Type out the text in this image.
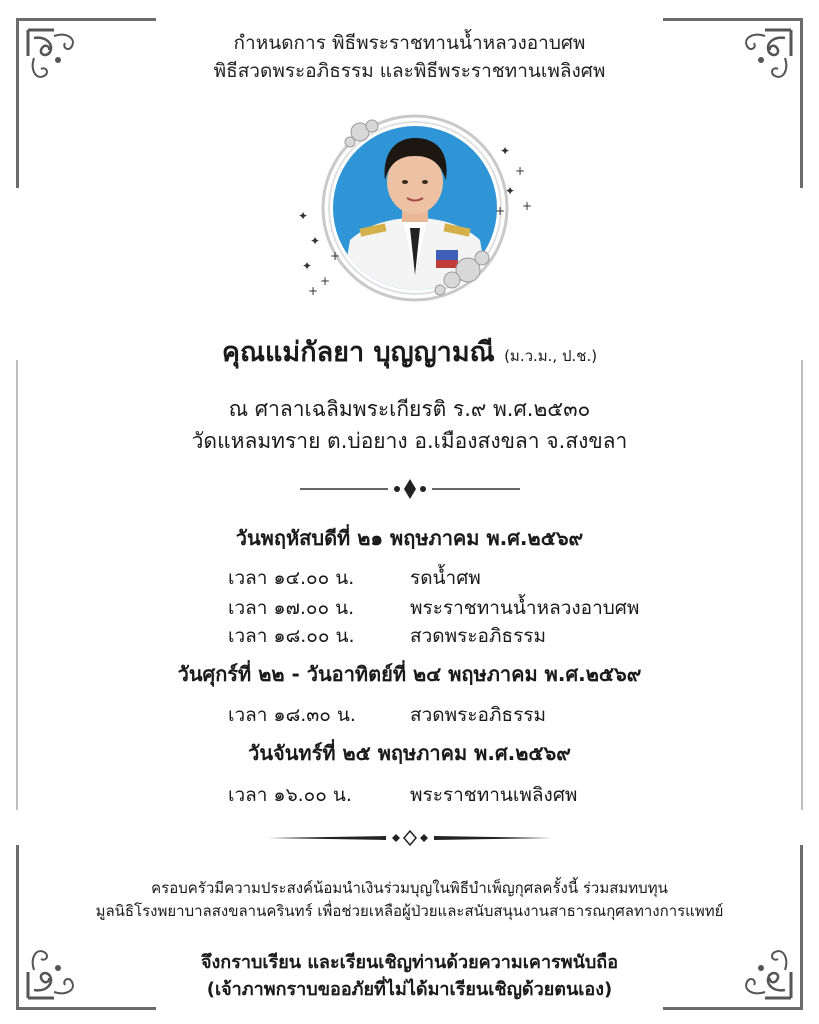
กำหนดการ พิธีพระราชทานน้ำหลวงอาบศพ
พิธีสวดพระอภิธรรม และพิธีพระราชทานเพลิงศพ
✦
✦
✦
+
+
+
✦
+
✦
+
+
คุณแม่กัลยา บุญญามณี (ม.ว.ม., ป.ช.)
ณ ศาลาเฉลิมพระเกียรติ ร.๙ พ.ศ.๒๕๓๐
วัดแหลมทราย ต.บ่อยาง อ.เมืองสงขลา จ.สงขลา
วันพฤหัสบดีที่ ๒๑ พฤษภาคม พ.ศ.๒๕๖๙
เวลา ๑๔.๐๐ น.	รดน้ำศพ
เวลา ๑๗.๐๐ น.	พระราชทานน้ำหลวงอาบศพ
เวลา ๑๘.๐๐ น.	สวดพระอภิธรรม
วันศุกร์ที่ ๒๒ - วันอาทิตย์ที่ ๒๔ พฤษภาคม พ.ศ.๒๕๖๙
เวลา ๑๘.๓๐ น.	สวดพระอภิธรรม
วันจันทร์ที่ ๒๕ พฤษภาคม พ.ศ.๒๕๖๙
เวลา ๑๖.๐๐ น.	พระราชทานเพลิงศพ
ครอบครัวมีความประสงค์น้อมนำเงินร่วมบุญในพิธีบำเพ็ญกุศลครั้งนี้ ร่วมสมทบทุน
มูลนิธิโรงพยาบาลสงขลานครินทร์ เพื่อช่วยเหลือผู้ป่วยและสนับสนุนงานสาธารณกุศลทางการแพทย์
จึงกราบเรียน และเรียนเชิญท่านด้วยความเคารพนับถือ
(เจ้าภาพกราบขออภัยที่ไม่ได้มาเรียนเชิญด้วยตนเอง)
